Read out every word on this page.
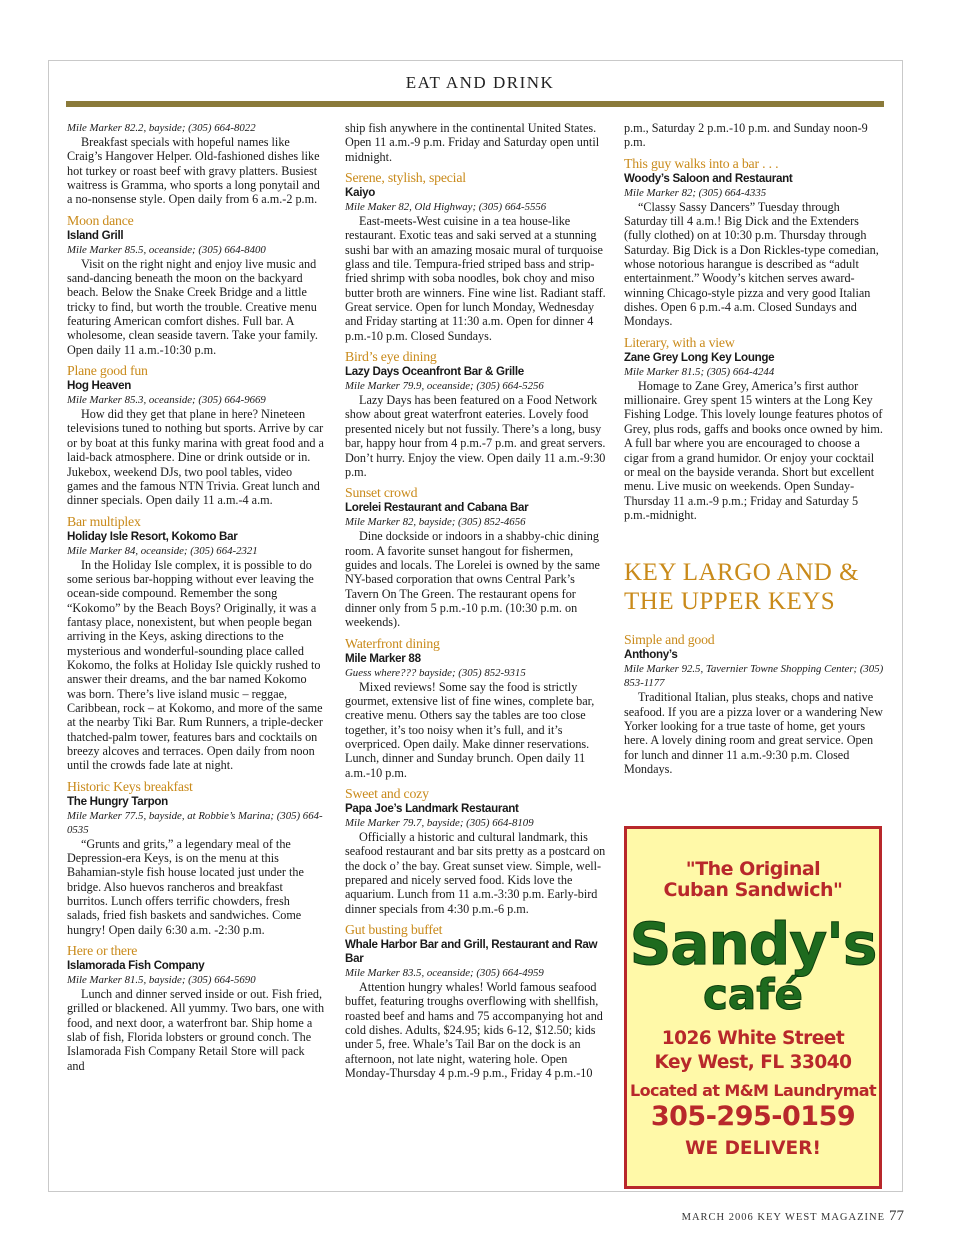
EAT AND DRINK
Mile Marker 82.2, bayside; (305) 664-8022
Breakfast specials with hopeful names like Craig’s Hangover Helper. Old-fashioned dishes like hot turkey or roast beef with gravy platters. Busiest waitress is Gramma, who sports a long ponytail and a no-nonsense style. Open daily from 6 a.m.-2 p.m.
Moon dance
Island Grill
Mile Marker 85.5, oceanside; (305) 664-8400
Visit on the right night and enjoy live music and sand-dancing beneath the moon on the backyard beach. Below the Snake Creek Bridge and a little tricky to find, but worth the trouble. Creative menu featuring American comfort dishes. Full bar. A wholesome, clean seaside tavern. Take your family. Open daily 11 a.m.-10:30 p.m.
Plane good fun
Hog Heaven
Mile Marker 85.3, oceanside; (305) 664-9669
How did they get that plane in here? Nineteen televisions tuned to nothing but sports. Arrive by car or by boat at this funky marina with great food and a laid-back atmosphere. Dine or drink outside or in. Jukebox, weekend DJs, two pool tables, video games and the famous NTN Trivia. Great lunch and dinner specials. Open daily 11 a.m.-4 a.m.
Bar multiplex
Holiday Isle Resort, Kokomo Bar
Mile Marker 84, oceanside; (305) 664-2321
In the Holiday Isle complex, it is possible to do some serious bar-hopping without ever leaving the ocean-side compound. Remember the song “Kokomo” by the Beach Boys? Originally, it was a fantasy place, nonexistent, but when people began arriving in the Keys, asking directions to the mysterious and wonderful-sounding place called Kokomo, the folks at Holiday Isle quickly rushed to answer their dreams, and the bar named Kokomo was born. There’s live island music – reggae, Caribbean, rock – at Kokomo, and more of the same at the nearby Tiki Bar. Rum Runners, a triple-decker thatched-palm tower, features bars and cocktails on breezy alcoves and terraces. Open daily from noon until the crowds fade late at night.
Historic Keys breakfast
The Hungry Tarpon
Mile Marker 77.5, bayside, at Robbie’s Marina; (305) 664-0535
“Grunts and grits,” a legendary meal of the Depression-era Keys, is on the menu at this Bahamian-style fish house located just under the bridge. Also huevos rancheros and breakfast burritos. Lunch offers terrific chowders, fresh salads, fried fish baskets and sandwiches. Come hungry! Open daily 6:30 a.m. -2:30 p.m.
Here or there
Islamorada Fish Company
Mile Marker 81.5, bayside; (305) 664-5690
Lunch and dinner served inside or out. Fish fried, grilled or blackened. All yummy. Two bars, one with food, and next door, a waterfront bar. Ship home a slab of fish, Florida lobsters or ground conch. The Islamorada Fish Company Retail Store will pack and
ship fish anywhere in the continental United States. Open 11 a.m.-9 p.m. Friday and Saturday open until midnight.
Serene, stylish, special
Kaiyo
Mile Maker 82, Old Highway; (305) 664-5556
East-meets-West cuisine in a tea house-like restaurant. Exotic teas and saki served at a stunning sushi bar with an amazing mosaic mural of turquoise glass and tile. Tempura-fried striped bass and strip-fried shrimp with soba noodles, bok choy and miso butter broth are winners. Fine wine list. Radiant staff. Great service. Open for lunch Monday, Wednesday and Friday starting at 11:30 a.m. Open for dinner 4 p.m.-10 p.m. Closed Sundays.
Bird’s eye dining
Lazy Days Oceanfront Bar & Grille
Mile Marker 79.9, oceanside; (305) 664-5256
Lazy Days has been featured on a Food Network show about great waterfront eateries. Lovely food presented nicely but not fussily. There’s a long, busy bar, happy hour from 4 p.m.-7 p.m. and great servers. Don’t hurry. Enjoy the view. Open daily 11 a.m.-9:30 p.m.
Sunset crowd
Lorelei Restaurant and Cabana Bar
Mile Marker 82, bayside; (305) 852-4656
Dine dockside or indoors in a shabby-chic dining room. A favorite sunset hangout for fishermen, guides and locals. The Lorelei is owned by the same NY-based corporation that owns Central Park’s Tavern On The Green. The restaurant opens for dinner only from 5 p.m.-10 p.m. (10:30 p.m. on weekends).
Waterfront dining
Mile Marker 88
Guess where??? bayside; (305) 852-9315
Mixed reviews! Some say the food is strictly gourmet, extensive list of fine wines, complete bar, creative menu. Others say the tables are too close together, it’s too noisy when it’s full, and it’s overpriced. Open daily. Make dinner reservations. Lunch, dinner and Sunday brunch. Open daily 11 a.m.-10 p.m.
Sweet and cozy
Papa Joe’s Landmark Restaurant
Mile Marker 79.7, bayside; (305) 664-8109
Officially a historic and cultural landmark, this seafood restaurant and bar sits pretty as a postcard on the dock o’ the bay. Great sunset view. Simple, well-prepared and nicely served food. Kids love the aquarium. Lunch from 11 a.m.-3:30 p.m. Early-bird dinner specials from 4:30 p.m.-6 p.m.
Gut busting buffet
Whale Harbor Bar and Grill, Restaurant and Raw Bar
Mile Marker 83.5, oceanside; (305) 664-4959
Attention hungry whales! World famous seafood buffet, featuring troughs overflowing with shellfish, roasted beef and hams and 75 accompanying hot and cold dishes. Adults, $24.95; kids 6-12, $12.50; kids under 5, free. Whale’s Tail Bar on the dock is an afternoon, not late night, watering hole. Open Monday-Thursday 4 p.m.-9 p.m., Friday 4 p.m.-10
p.m., Saturday 2 p.m.-10 p.m. and Sunday noon-9 p.m.
This guy walks into a bar . . .
Woody’s Saloon and Restaurant
Mile Marker 82; (305) 664-4335
“Classy Sassy Dancers” Tuesday through Saturday till 4 a.m.! Big Dick and the Extenders (fully clothed) on at 10:30 p.m. Thursday through Saturday. Big Dick is a Don Rickles-type comedian, whose notorious harangue is described as “adult entertainment.” Woody’s kitchen serves award-winning Chicago-style pizza and very good Italian dishes. Open 6 p.m.-4 a.m. Closed Sundays and Mondays.
Literary, with a view
Zane Grey Long Key Lounge
Mile Marker 81.5; (305) 664-4244
Homage to Zane Grey, America’s first author millionaire. Grey spent 15 winters at the Long Key Fishing Lodge. This lovely lounge features photos of Grey, plus rods, gaffs and books once owned by him. A full bar where you are encouraged to choose a cigar from a grand humidor. Or enjoy your cocktail or meal on the bayside veranda. Short but excellent menu. Live music on weekends. Open Sunday-Thursday 11 a.m.-9 p.m.; Friday and Saturday 5 p.m.-midnight.
KEY LARGO AND & THE UPPER KEYS
Simple and good
Anthony’s
Mile Marker 92.5, Tavernier Towne Shopping Center; (305) 853-1177
Traditional Italian, plus steaks, chops and native seafood. If you are a pizza lover or a wandering New Yorker looking for a true taste of home, get yours here. A lovely dining room and great service. Open for lunch and dinner 11 a.m.-9:30 p.m. Closed Mondays.
"The Original
Cuban Sandwich"
Sandy's
café
1026 White Street
Key West, FL 33040
Located at M&M Laundrymat
305-295-0159
WE DELIVER!
MARCH 2006 KEY WEST MAGAZINE 77
